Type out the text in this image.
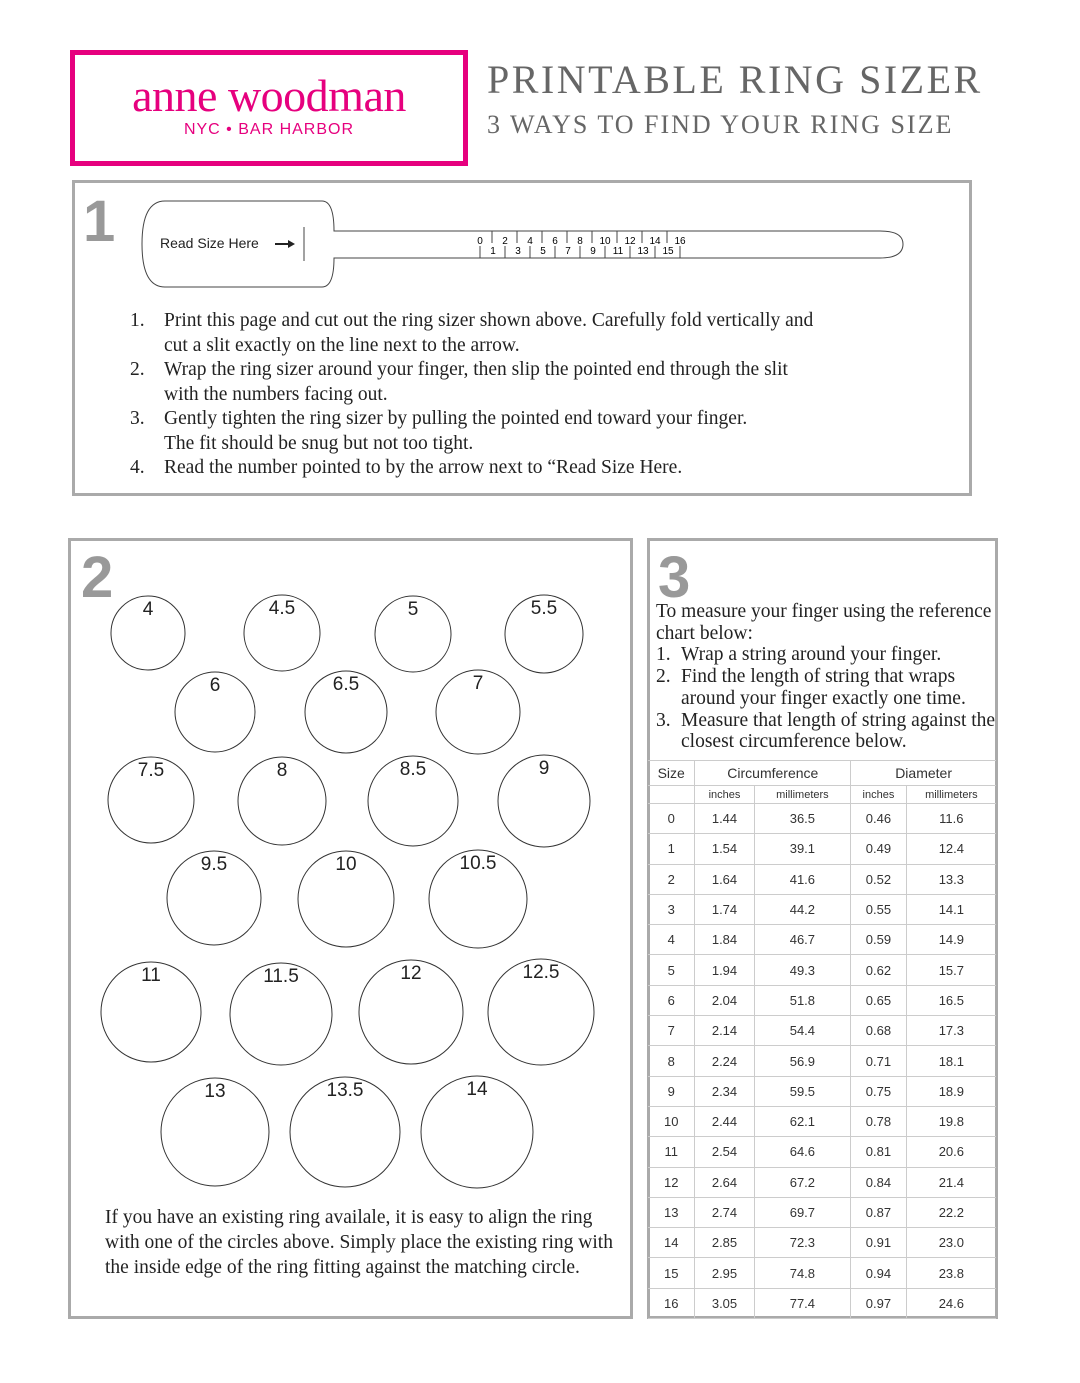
anne woodman
NYC • BAR HARBOR
PRINTABLE RING SIZER
3 WAYS TO FIND YOUR RING SIZE
1	Read Size Here	0 2 4 6 8 10 12 14 16
1 3 5 7 9 11 13 15
1. Print this page and cut out the ring sizer shown above. Carefully fold vertically and
cut a slit exactly on the line next to the arrow.
2. Wrap the ring sizer around your finger, then slip the pointed end through the slit
with the numbers facing out.
3. Gently tighten the ring sizer by pulling the pointed end toward your finger.
The fit should be snug but not too tight.
4. Read the number pointed to by the arrow next to “Read Size Here.
2 4	4.5	5	5.5
6	6.5	7
7.5	8	8.5	9
9.5	10	10.5
11	11.5	12	12.5
13	13.5	14
If you have an existing ring availale, it is easy to align the ring with one of the circles above. Simply place the existing ring with the inside edge of the ring fitting against the matching circle.
3
To measure your finger using the reference chart below:
1. Wrap a string around your finger.
2. Find the length of string that wraps around your finger exactly one time.
3. Measure that length of string against the closest circumference below.
Size	Circumference		Diameter	
	inches	millimeters	inches	millimeters
0	1.44	36.5	0.46	11.6
1	1.54	39.1	0.49	12.4
2	1.64	41.6	0.52	13.3
3	1.74	44.2	0.55	14.1
4	1.84	46.7	0.59	14.9
5	1.94	49.3	0.62	15.7
6	2.04	51.8	0.65	16.5
7	2.14	54.4	0.68	17.3
8	2.24	56.9	0.71	18.1
9	2.34	59.5	0.75	18.9
10	2.44	62.1	0.78	19.8
11	2.54	64.6	0.81	20.6
12	2.64	67.2	0.84	21.4
13	2.74	69.7	0.87	22.2
14	2.85	72.3	0.91	23.0
15	2.95	74.8	0.94	23.8
16	3.05	77.4	0.97	24.6
